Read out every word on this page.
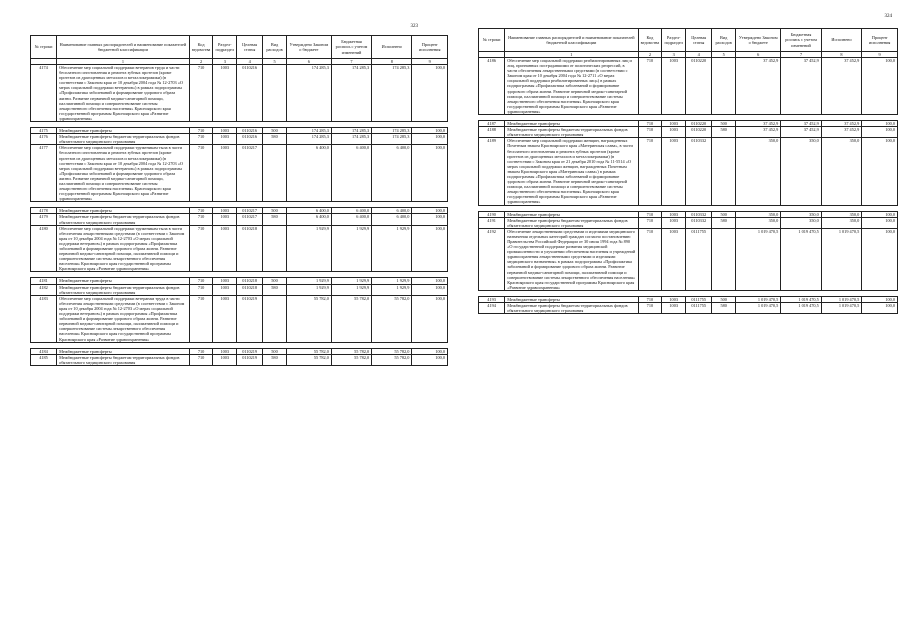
323
№ строки	Наименование главных распорядителей и наименование показателей бюджетной классификации	Код ведомства	Раздел-подраздел	Целевая статья	Вид расходов	Утверждено Законом о бюджете	Бюджетная роспись с учетом изменений	Исполнено	Процент исполнения
	1	2	3	4	5	6	7	8	9
4174	Обеспечение мер социальной поддержки ветеранов труда и части бесплатного изготовления и ремонта зубных протезов (кроме протезов из драгоценных металлов и металлокерамики) (в соответствии с Законом края от 10 декабря 2004 года № 12-2703 «О мерах социальной поддержки ветеранов») в рамках подпрограммы «Профилактика заболеваний и формирование здорового образа жизни. Развитие первичной медико-санитарной помощи, паллиативной помощи и совершенствование системы лекарственного обеспечения населения» Красноярского края государственной программы Красноярского края «Развитие здравоохранения»	710	1003	0110216		174 285,3	174 285,3	174 285,3	100,0

4175	Межбюджетные трансферты	710	1003	0110216	500	174 285,3	174 285,3	174 285,3	100,0
4176	Межбюджетные трансферты бюджетам территориальных фондов обязательного медицинского страхования	710	1003	0110216	580	174 285,3	174 285,3	174 285,3	100,0
4177	Обеспечение мер социальной поддержки труженикам тыла в части бесплатного изготовления и ремонта зубных протезов (кроме протезов из драгоценных металлов и металлокерамики) (в соответствии с Законом края от 10 декабря 2004 года № 12-2703 «О мерах социальной поддержки ветеранов») в рамках подпрограммы «Профилактика заболеваний и формирование здорового образа жизни. Развитие первичной медико-санитарной помощи, паллиативной помощи и совершенствование системы лекарственного обеспечения населения» Красноярского края государственной программы Красноярского края «Развитие здравоохранения»	710	1003	0110217		6 400,0	6 400,0	6 400,0	100,0

4178	Межбюджетные трансферты	710	1003	0110217	500	6 400,0	6 400,0	6 400,0	100,0
4179	Межбюджетные трансферты бюджетам территориальных фондов обязательного медицинского страхования	710	1003	0110217	580	6 400,0	6 400,0	6 400,0	100,0
4180	Обеспечение мер социальной поддержки труженикам тыла в части обеспечения лекарственными средствами (в соответствии с Законом края от 10 декабря 2004 года № 12-2703 «О мерах социальной поддержки ветеранов») в рамках подпрограммы «Профилактика заболеваний и формирование здорового образа жизни. Развитие первичной медико-санитарной помощи, паллиативной помощи и совершенствование системы лекарственного обеспечения населения» Красноярского края государственной программы Красноярского края «Развитие здравоохранения»	710	1003	0110218		1 929,9	1 929,9	1 929,9	100,0

4181	Межбюджетные трансферты	710	1003	0110218	500	1 929,9	1 929,9	1 929,9	100,0
4182	Межбюджетные трансферты бюджетам территориальных фондов обязательного медицинского страхования	710	1003	0110218	580	1 929,9	1 929,9	1 929,9	100,0
4183	Обеспечение мер социальной поддержки ветеранам труда в части обеспечения лекарственными средствами (в соответствии с Законом края от 10 декабря 2004 года № 12-2703 «О мерах социальной поддержки ветеранов») в рамках подпрограммы «Профилактика заболеваний и формирование здорового образа жизни. Развитие первичной медико-санитарной помощи, паллиативной помощи и совершенствование системы лекарственного обеспечения населения» Красноярского края государственной программы Красноярского края «Развитие здравоохранения»	710	1003	0110219		55 782,0	55 782,0	55 782,0	100,0

4184	Межбюджетные трансферты	710	1003	0110219	500	55 782,0	55 782,0	55 782,0	100,0
4185	Межбюджетные трансферты бюджетам территориальных фондов обязательного медицинского страхования	710	1003	0110219	580	55 782,0	55 782,0	55 782,0	100,0
324
№ строки	Наименование главных распорядителей и наименование показателей бюджетной классификации	Код ведомства	Раздел-подраздел	Целевая статья	Вид расходов	Утверждено Законом о бюджете	Бюджетная роспись с учетом изменений	Исполнено	Процент исполнения
	1	2	3	4	5	6	7	8	9
4186	Обеспечение мер социальной поддержки реабилитированных лиц и лиц, признанных пострадавшими от политических репрессий, в части обеспечения лекарственными средствами (в соответствии с Законом края от 10 декабря 2004 года № 12-2711 «О мерах социальной поддержки реабилитированных лиц») в рамках подпрограммы «Профилактика заболеваний и формирование здорового образа жизни. Развитие первичной медико-санитарной помощи, паллиативной помощи и совершенствование системы лекарственного обеспечения населения» Красноярского края государственной программы Красноярского края «Развитие здравоохранения»	710	1003	0110220		37 452,9	37 452,9	37 452,9	100,0

4187	Межбюджетные трансферты	710	1003	0110220	500	37 452,9	37 452,9	37 452,9	100,0
4188	Межбюджетные трансферты бюджетам территориальных фондов обязательного медицинского страхования	710	1003	0110220	580	37 452,9	37 452,9	37 452,9	100,0
4189	Обеспечение мер социальной поддержки женщин, награжденных Почетным знаком Красноярского края «Материнская слава», в части бесплатного изготовления и ремонта зубных протезов (кроме протезов из драгоценных металлов и металлокерамики) (в соответствии с Законом края от 21 декабря 2010 года № 11-5514 «О мерах социальной поддержки женщин, награжденных Почетным знаком Красноярского края «Материнская слава») в рамках подпрограммы «Профилактика заболеваний и формирование здорового образа жизни. Развитие первичной медико-санитарной помощи, паллиативной помощи и совершенствование системы лекарственного обеспечения населения» Красноярского края государственной программы Красноярского края «Развитие здравоохранения»	710	1003	0110332		350,0	350,0	350,0	100,0

4190	Межбюджетные трансферты	710	1003	0110332	500	350,0	350,0	350,0	100,0
4191	Межбюджетные трансферты бюджетам территориальных фондов обязательного медицинского страхования	710	1003	0110332	580	350,0	350,0	350,0	100,0
4192	Обеспечение лекарственными средствами и изделиями медицинского назначения отдельных категорий граждан согласно постановлению Правительства Российской Федерации от 30 июля 1994 года № 890 «О государственной поддержке развития медицинской промышленности и улучшении обеспечения населения и учреждений здравоохранения лекарственными средствами и изделиями медицинского назначения» в рамках подпрограммы «Профилактика заболеваний и формирование здорового образа жизни. Развитие первичной медико-санитарной помощи, паллиативной помощи и совершенствование системы лекарственного обеспечения населения» Красноярского края государственной программы Красноярского края «Развитие здравоохранения»	710	1003	0111755		1 019 470,5	1 019 470,5	1 019 470,5	100,0

4193	Межбюджетные трансферты	710	1003	0111755	500	1 019 470,5	1 019 470,5	1 019 470,5	100,0
4194	Межбюджетные трансферты бюджетам территориальных фондов обязательного медицинского страхования	710	1003	0111755	580	1 019 470,5	1 019 470,5	1 019 470,5	100,0
